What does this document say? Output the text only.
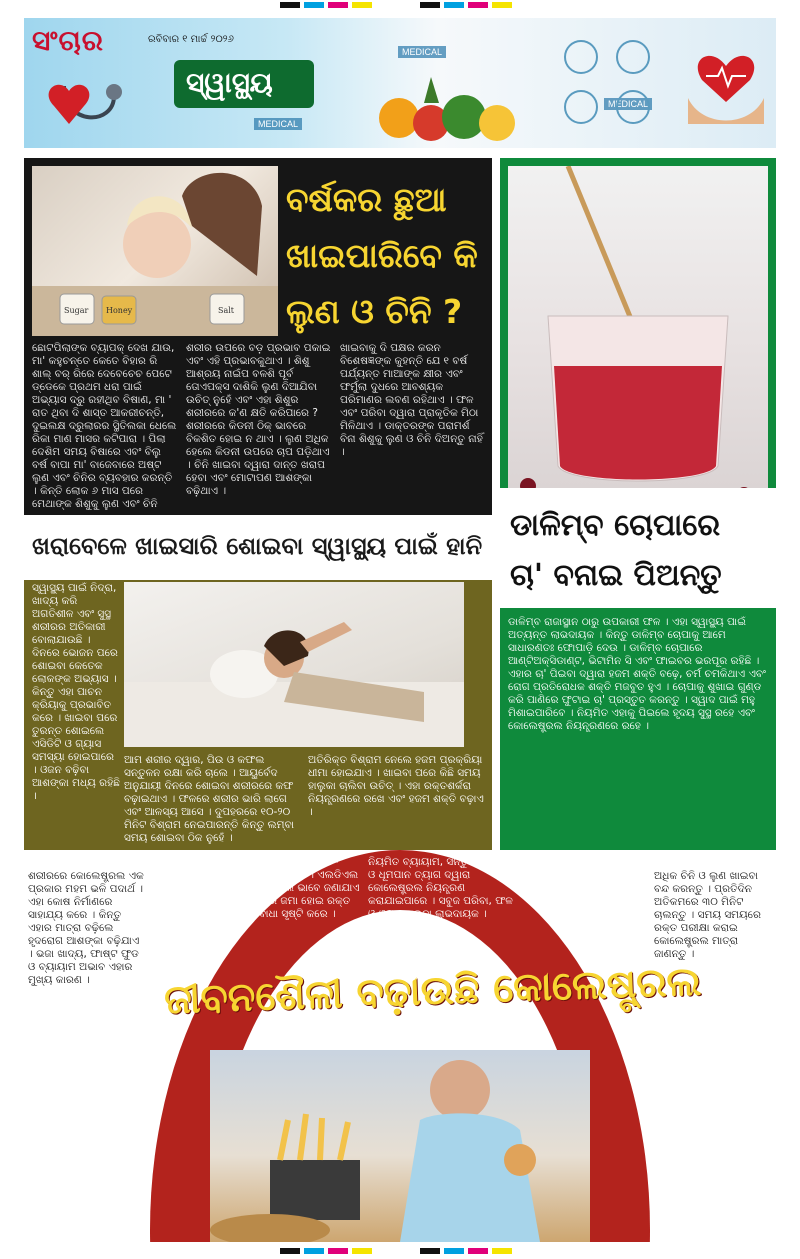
ସଂଚାର	ରବିବାର ୧ ମାର୍ଚ୍ଚ ୨୦୨୬
ସ୍ୱାସ୍ଥ୍ୟ
MEDICAL
MEDICAL
MEDICAL
Sugar Honey	Salt
ବର୍ଷକର ଛୁଆ
ଖାଇପାରିବେ କି
ଲୁଣ ଓ ଚିନି ?

ଛୋଟପିଲାଙ୍କ ବ୍ୟାପକ୍ ଦେଖ ଯାଉ, ମା' କହୁଚନ୍ତେ କେତେ ବିହାର ରି ଶାଲ୍ ବର୍ ରିରେ ଦେବେଚେଚ ପେଟେ ଡ୍ଡେକେ ପ୍ରଥମ ଧରା ପାଇଁ ଅଭ୍ୟାସ ଦ୍ରୁ ରହୀଥିବ ବିଷାଣ, ମା ' ରାତ ଥିବା ଦି ଶାସ୍ତ ଆକରୀଚନ୍ତି, ଦୁଇଲକ୍ଷ ଦ୍ରୁଲାରର ସ୍ଥିତିଲକା ଧେଲେ ରିକା ମାଣ ମାସର କଟିପାରା । ପିଲା ଦେଶିମ ସମୟ ବିଷାରେ ଏବଂ ବିଲୁ ବର୍ଷ ବାପା ମା' ବାଜେବାରେ ଅଷ୍ଟ ଲୁଣ ଏବଂ ଚିନିର ବ୍ୟବହାର କରନ୍ତି । କିନ୍ତି ଲୋକ ୬ ମାସ ପରେ ମେଥାଙ୍କ ଶିଶୁକୁ ଲୁଣ ଏବଂ ଚିନି

ଶରୀର ଉପରେ ବଡ଼ ପ୍ରଭାବ ପକାଇ ଏବଂ ଏହି ପ୍ରଭାବକୁଥାଏ । ଶିଶୁ ଆଶ୍ରୟ ନାଇଁପ ବଳଶି ପୂର୍ବ ତୋଏପକ୍ସ ଦାଶିକି ଲୁଣ ଦିଆଯିବା ଉଚିତ୍ ନୁହେଁ ଏବଂ ଏହା ଶିଶୁର ଶରୀରରେ କ'ଣ କ୍ଷତି କରିପାରେ ? ଶରୀରରେ କିଡନୀ ଠିକ୍ ଭାବରେ ବିକଶିତ ହୋଇ ନ ଥାଏ । ଲୁଣ ଅଧିକ ହେଲେ କିଡନୀ ଉପରେ ଚାପ ପଡ଼ିଥାଏ । ଚିନି ଖାଇବା ଦ୍ୱାରା ଦାନ୍ତ ଖରାପ ହେବା ଏବଂ ମୋଟାପଣ ଆଶଙ୍କା ବଢ଼ିଥାଏ ।

ଖାଇବାକୁ ଦି ପକ୍ଷର କରନ ବିଶେଷଜ୍ଞଙ୍କ କୁହନ୍ତି ଯେ ୧ ବର୍ଷ ପର୍ଯ୍ୟନ୍ତ ମାଆଙ୍କ କ୍ଷୀର ଏବଂ ଫର୍ମୁଲା ଦୁଧରେ ଆବଶ୍ୟକ ପରିମାଣର ଲବଣ ରହିଥାଏ । ଫଳ ଏବଂ ପରିବା ଦ୍ୱାରା ପ୍ରାକୃତିକ ମିଠା ମିଳିଥାଏ । ଡାକ୍ତରଙ୍କ ପରାମର୍ଶ ବିନା ଶିଶୁକୁ ଲୁଣ ଓ ଚିନି ଦିଅନ୍ତୁ ନାହିଁ ।

ଖରାବେଳେ ଖାଇସାରି ଶୋଇବା ସ୍ୱାସ୍ଥ୍ୟ ପାଇଁ ହାନି

ସ୍ୱାସ୍ଥ୍ୟ ପାଇଁ ନିଦ୍ରା, ଖାଦ୍ୟ କରି ଅଗତିଶୀଳ ଏବଂ ସୁସ୍ଥ ଶରୀରର ଅତିକାରୀ ବୋଲାଯାଉଛି । ଦିନରେ ଭୋଜନ ପରେ ଶୋଇବା କେତେକ ଲୋକଙ୍କ ଅଭ୍ୟାସ । କିନ୍ତୁ ଏହା ପାଚନ କ୍ରିୟାକୁ ପ୍ରଭାବିତ କରେ । ଖାଇବା ପରେ ତୁରନ୍ତ ଶୋଇଲେ ଏସିଡିଟି ଓ ଗ୍ୟାସ ସମସ୍ୟା ହୋଇପାରେ । ଓଜନ ବଢ଼ିବା ଆଶଙ୍କା ମଧ୍ୟ ରହିଛି ।

ଆମ ଶରୀର ଦ୍ୱାର, ପିଉ ଓ କଫଲ ସନ୍ତୁଳନ ରକ୍ଷା କରି ଚାଲେ । ଆୟୁର୍ବେଦ ଅନୁଯାୟୀ ଦିନରେ ଶୋଇବା ଶରୀରରେ କଫ ବଢ଼ାଇଥାଏ । ଫଳରେ ଶରୀର ଭାରି ଲାଗେ ଏବଂ ଆଳସ୍ୟ ଆସେ । ଦୁପହରରେ ୧୦-୨୦ ମିନିଟ ବିଶ୍ରାମ ନେଇପାରନ୍ତି କିନ୍ତୁ ଲମ୍ବା ସମୟ ଶୋଇବା ଠିକ ନୁହେଁ ।

ଅତିରିକ୍ତ ବିଶ୍ରାମ ନେଲେ ହଜମ ପ୍ରକ୍ରିୟା ଧୀମା ହୋଇଯାଏ । ଖାଇବା ପରେ କିଛି ସମୟ ହାଲୁକା ଚାଲିବା ଉଚିତ୍ । ଏହା ରକ୍ତଶର୍କରା ନିୟନ୍ତ୍ରଣରେ ରଖେ ଏବଂ ହଜମ ଶକ୍ତି ବଢ଼ାଏ ।

ଡାଳିମ୍ବ ଚୋପାରେ
ଚା' ବନାଇ ପିଅନ୍ତୁ

ଡାଳିମ୍ବ ରାଜାସ୍ଥାନ ଠାରୁ ଉପକାରୀ ଫଳ । ଏହା ସ୍ୱାସ୍ଥ୍ୟ ପାଇଁ ଅତ୍ୟନ୍ତ ଲାଭଦାୟକ । କିନ୍ତୁ ଡାଳିମ୍ବ ଚୋପାକୁ ଆମେ ସାଧାରଣତଃ ଫୋପାଡ଼ି ଦେଉ । ଡାଳିମ୍ବ ଚୋପାରେ ଆଣ୍ଟିଅକ୍ସିଡାଣ୍ଟ, ଭିଟାମିନ ସି ଏବଂ ଫାଇବର ଭରପୂର ରହିଛି । ଏହାର ଚା' ପିଇବା ଦ୍ୱାରା ହଜମ ଶକ୍ତି ବଢ଼େ, ଚର୍ମ ଚମକିଥାଏ ଏବଂ ରୋଗ ପ୍ରତିରୋଧକ ଶକ୍ତି ମଜବୁତ ହୁଏ । ଚୋପାକୁ ଶୁଖାଇ ଗୁଣ୍ଡ କରି ପାଣିରେ ଫୁଟାଇ ଚା' ପ୍ରସ୍ତୁତ କରନ୍ତୁ । ସ୍ୱାଦ ପାଇଁ ମହୁ ମିଶାଇପାରିବେ । ନିୟମିତ ଏହାକୁ ପିଇଲେ ହୃଦୟ ସୁସ୍ଥ ରହେ ଏବଂ କୋଲେଷ୍ଟ୍ରଲ ନିୟନ୍ତ୍ରଣରେ ରହେ ।

ଜୀବନଶୈଳୀ ବଢ଼ାଉଛି କୋଲେଷ୍ଟ୍ରଲ

ଶରୀରରେ କୋଲେଷ୍ଟ୍ରଲ ଏକ ପ୍ରକାର ମହମ ଭଳି ପଦାର୍ଥ । ଏହା କୋଷ ନିର୍ମାଣରେ ସାହାଯ୍ୟ କରେ । କିନ୍ତୁ ଏହାର ମାତ୍ରା ବଢ଼ିଲେ ହୃଦରୋଗ ଆଶଙ୍କା ବଢ଼ିଯାଏ । ଭଜା ଖାଦ୍ୟ, ଫାଷ୍ଟ ଫୁଡ ଓ ବ୍ୟାୟାମ ଅଭାବ ଏହାର ମୁଖ୍ୟ କାରଣ ।

କୋଲେଷ୍ଟ୍ରଲ ଦୁଇ ପ୍ରକାରର - ଏଚଡିଏଲ ଓ ଏଲଡିଏଲ । ଏଲଡିଏଲ ଖରାପ କୋଲେଷ୍ଟ୍ରଲ ଭାବେ ଜଣାଯାଏ । ଏହା ଧମନୀରେ ଜମା ହୋଇ ରକ୍ତ ସଞ୍ଚାଳନରେ ବାଧା ସୃଷ୍ଟି କରେ ।

ନିୟମିତ ବ୍ୟାୟାମ, ସନ୍ତୁଳିତ ଖାଦ୍ୟ ଓ ଧୂମପାନ ତ୍ୟାଗ ଦ୍ୱାରା କୋଲେଷ୍ଟ୍ରଲ ନିୟନ୍ତ୍ରଣ କରାଯାଇପାରେ । ସବୁଜ ପରିବା, ଫଳ ଓ ଓଟସ ଖାଇବା ଲାଭଦାୟକ ।

ଅଧିକ ଚିନି ଓ ଲୁଣ ଖାଇବା ବନ୍ଦ କରନ୍ତୁ । ପ୍ରତିଦିନ ଅତିକମରେ ୩୦ ମିନିଟ ଚାଲନ୍ତୁ । ସମୟ ସମୟରେ ରକ୍ତ ପରୀକ୍ଷା କରାଇ କୋଲେଷ୍ଟ୍ରଲ ମାତ୍ରା ଜାଣନ୍ତୁ ।
